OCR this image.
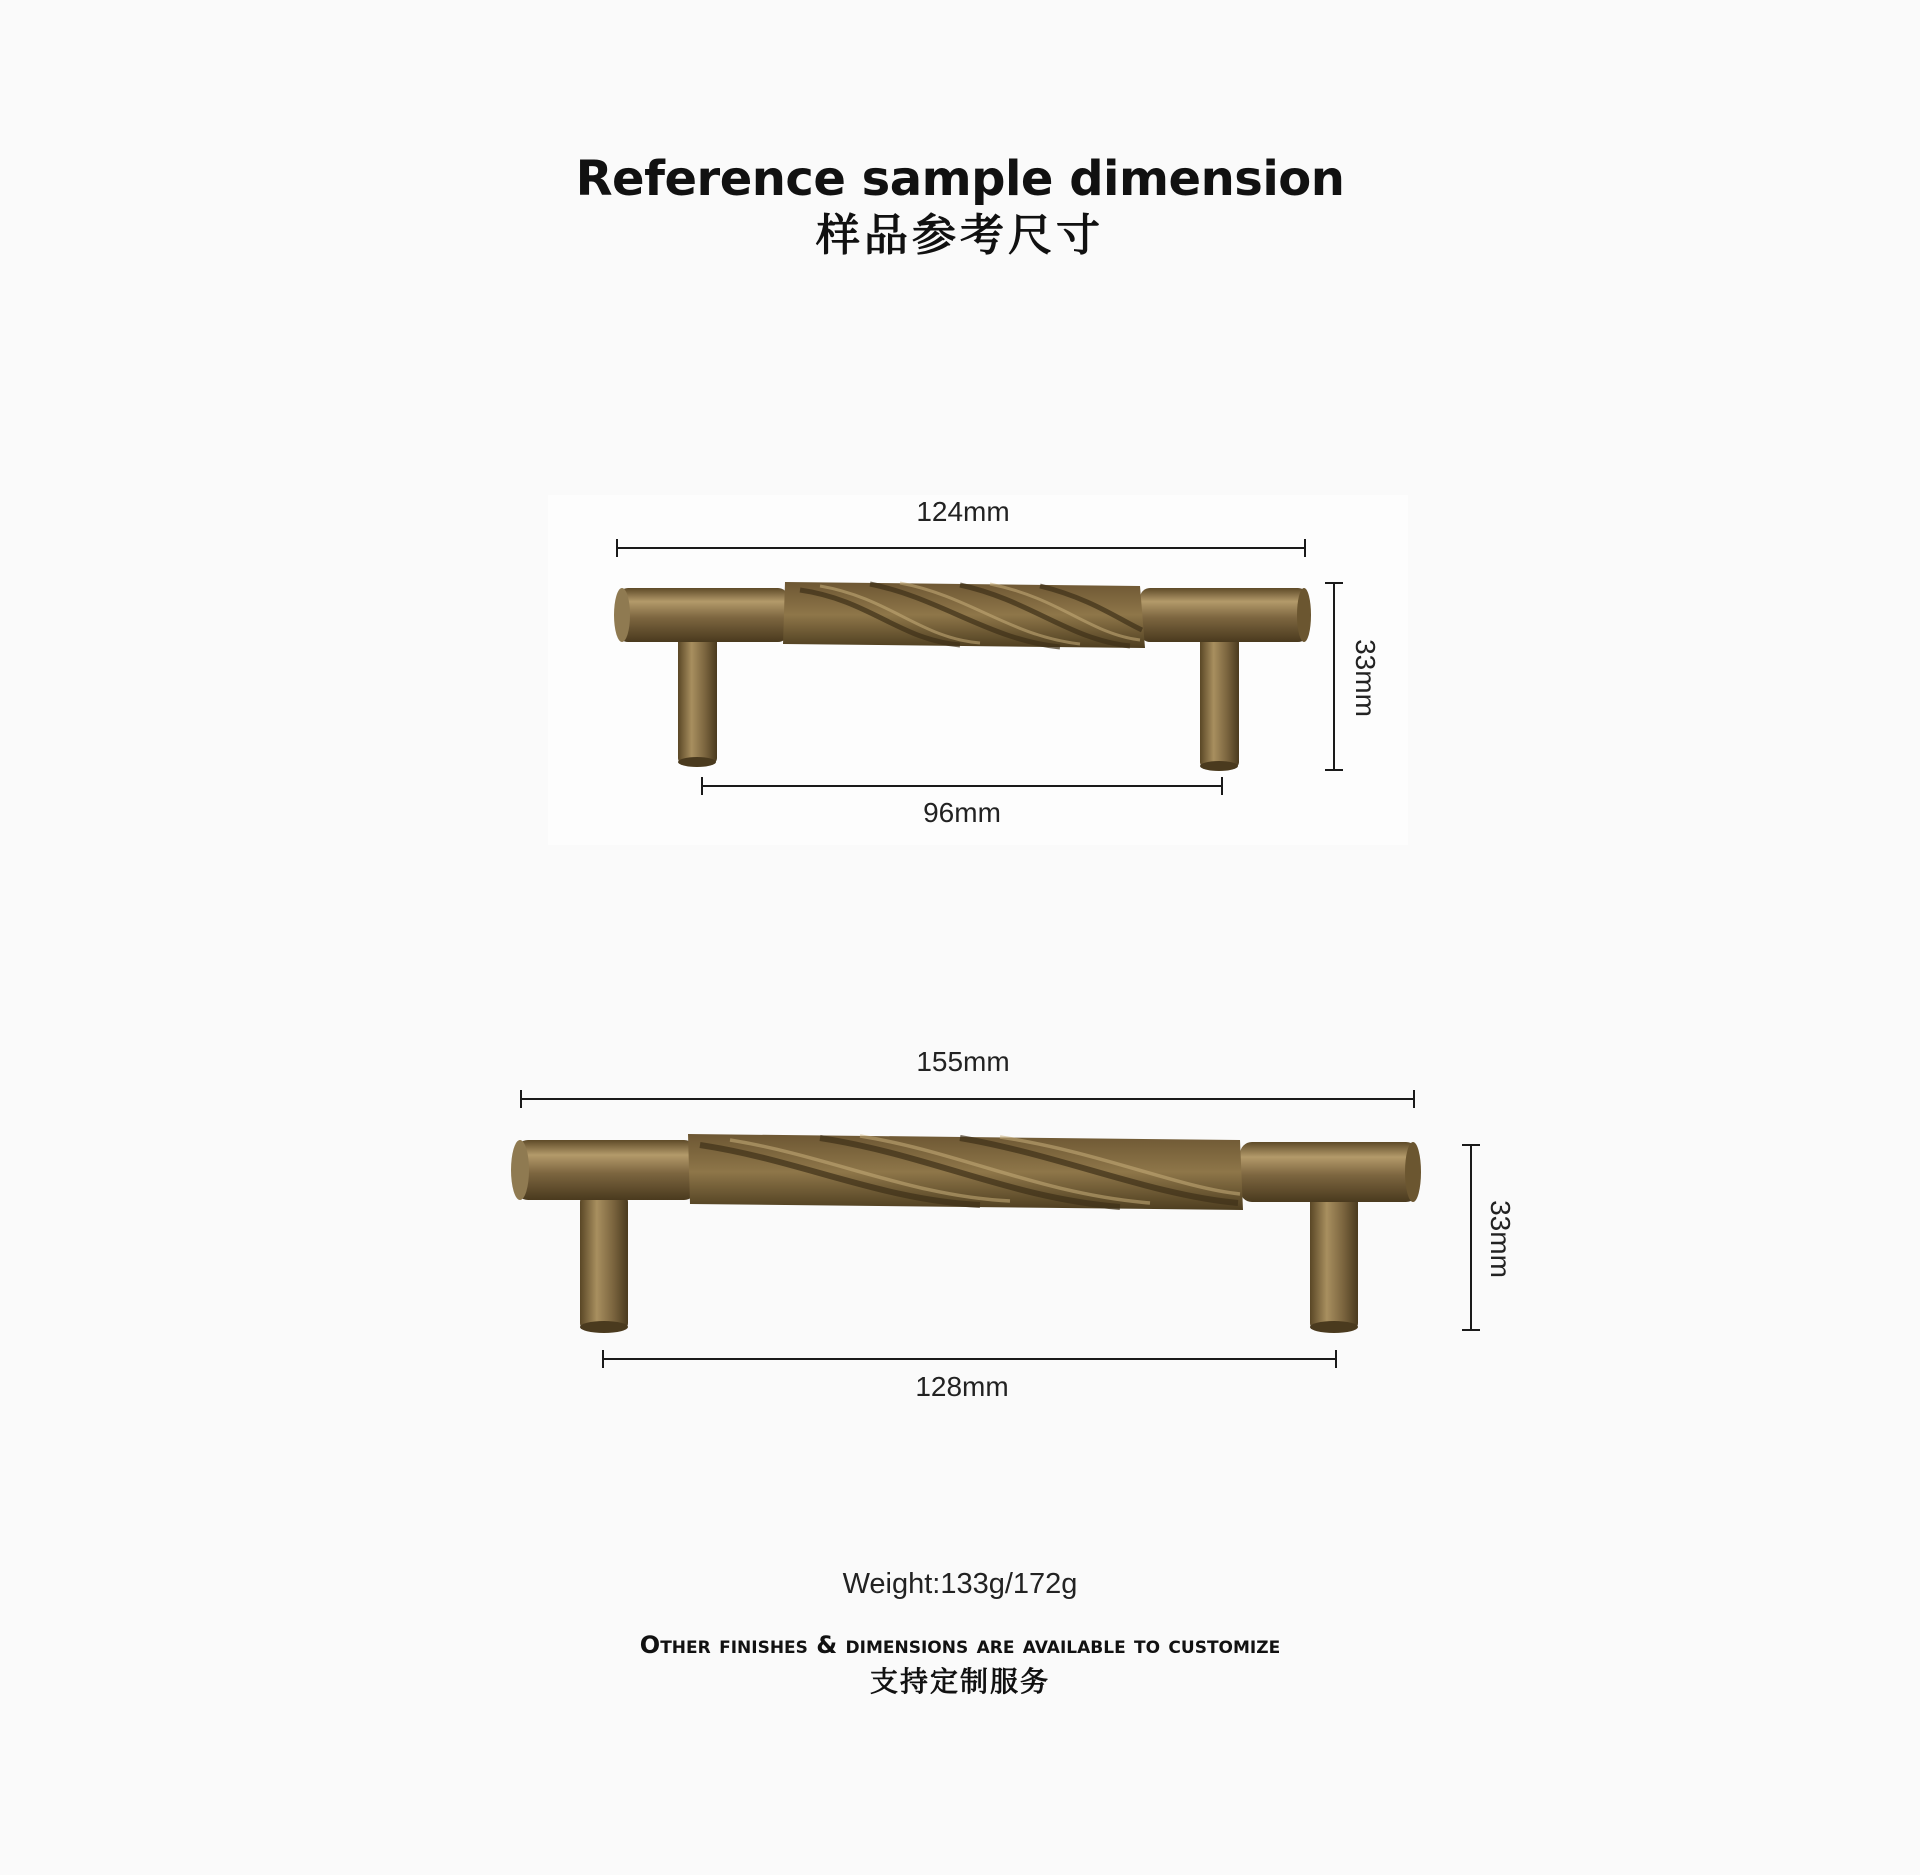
Reference sample dimension
样品参考尺寸
124mm
96mm
33mm
155mm
128mm
33mm
Weight:133g/172g
Other finishes & dimensions are available to customize
支持定制服务
